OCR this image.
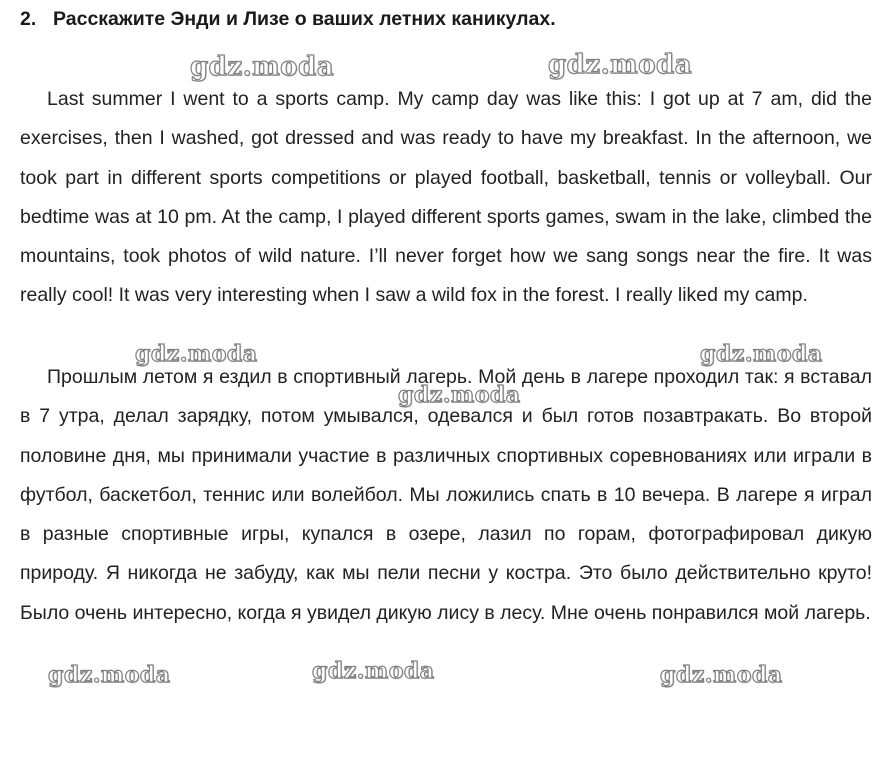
2. Расскажите Энди и Лизе о ваших летних каникулах.

Last summer I went to a sports camp. My camp day was like this: I got up at 7 am, did the exercises, then I washed, got dressed and was ready to have my breakfast. In the afternoon, we took part in different sports competitions or played football, basketball, tennis or volleyball. Our bedtime was at 10 pm. At the camp, I played different sports games, swam in the lake, climbed the mountains, took photos of wild nature. I’ll never forget how we sang songs near the fire. It was really cool! It was very interesting when I saw a wild fox in the forest. I really liked my camp.

Прошлым летом я ездил в спортивный лагерь. Мой день в лагере проходил так: я вставал в 7 утра, делал зарядку, потом умывался, одевался и был готов позавтракать. Во второй половине дня, мы принимали участие в различных спортивных соревнованиях или играли в футбол, баскетбол, теннис или волейбол. Мы ложились спать в 10 вечера. В лагере я играл в разные спортивные игры, купался в озере, лазил по горам, фотографировал дикую природу. Я никогда не забуду, как мы пели песни у костра. Это было действительно круто! Было очень интересно, когда я увидел дикую лису в лесу. Мне очень понравился мой лагерь.

gdz.moda	gdz.moda
gdz.moda	gdz.moda
gdz.moda
gdz.moda	gdz.moda	gdz.moda
